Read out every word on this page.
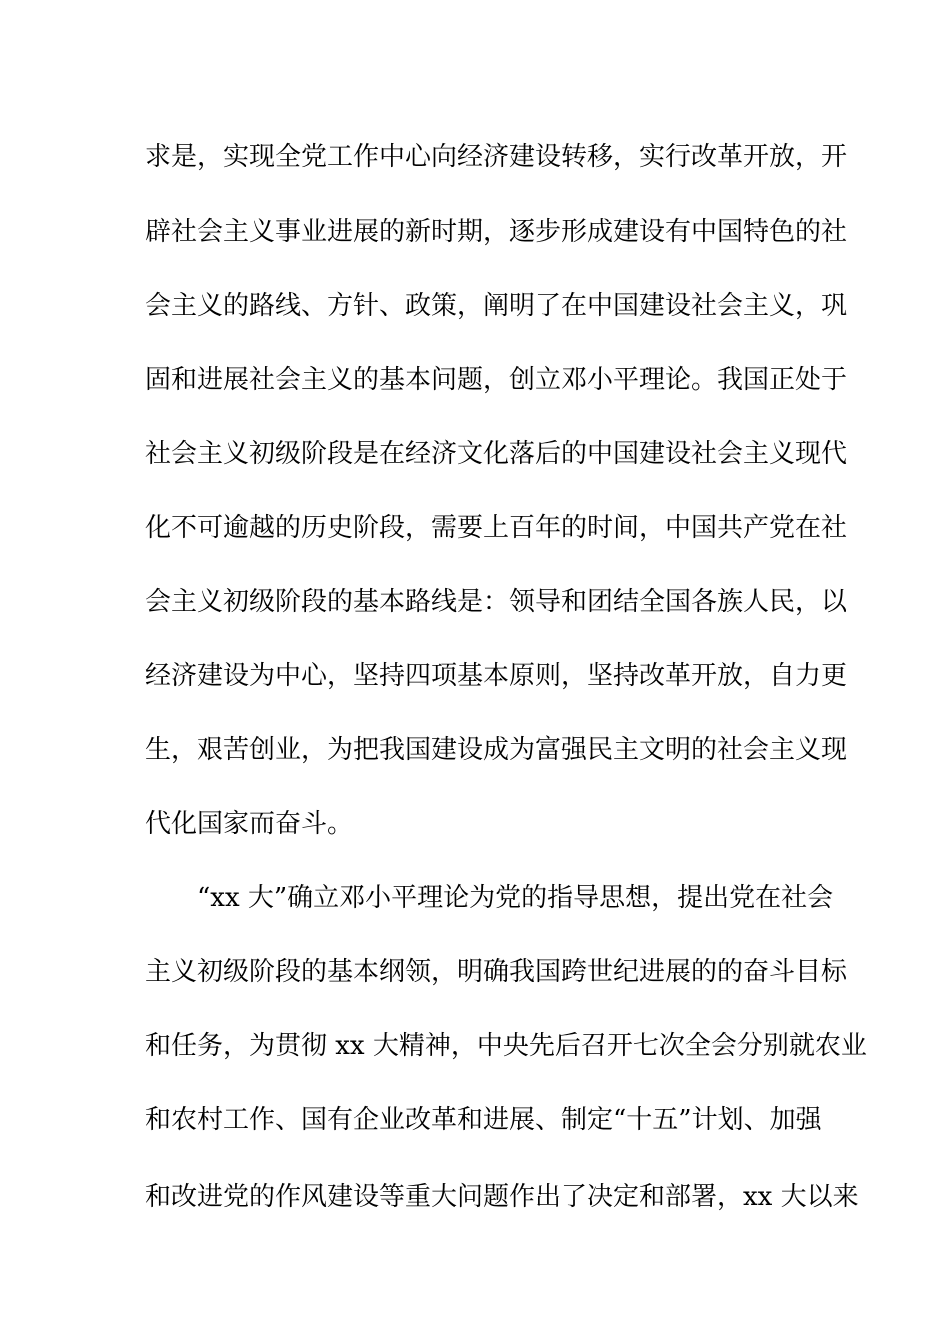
求是，实现全党工作中心向经济建设转移，实行改革开放，开
辟社会主义事业进展的新时期，逐步形成建设有中国特色的社
会主义的路线、方针、政策，阐明了在中国建设社会主义，巩
固和进展社会主义的基本问题，创立邓小平理论。我国正处于
社会主义初级阶段是在经济文化落后的中国建设社会主义现代
化不可逾越的历史阶段，需要上百年的时间，中国共产党在社
会主义初级阶段的基本路线是：领导和团结全国各族人民，以
经济建设为中心，坚持四项基本原则，坚持改革开放，自力更
生，艰苦创业，为把我国建设成为富强民主文明的社会主义现
代化国家而奋斗。
“xx 大”确立邓小平理论为党的指导思想，提出党在社会
主义初级阶段的基本纲领，明确我国跨世纪进展的的奋斗目标
和任务，为贯彻 xx 大精神，中央先后召开七次全会分别就农业
和农村工作、国有企业改革和进展、制定“十五”计划、加强
和改进党的作风建设等重大问题作出了决定和部署，xx 大以来
